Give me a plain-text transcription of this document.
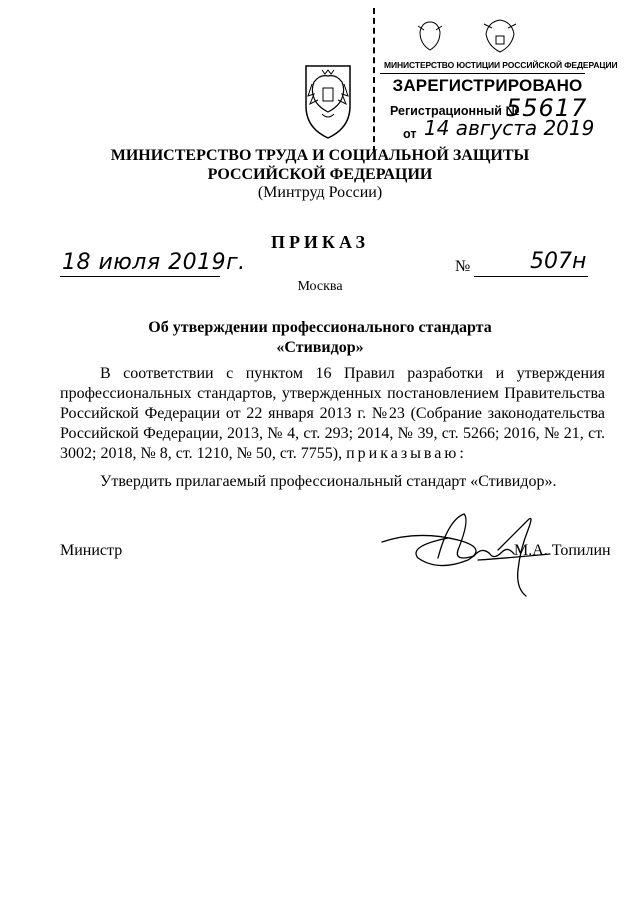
МИНИСТЕРСТВО ЮСТИЦИИ РОССИЙСКОЙ ФЕДЕРАЦИИ
ЗАРЕГИСТРИРОВАНО
Регистрационный №
55617
от 14 августа 2019
МИНИСТЕРСТВО ТРУДА И СОЦИАЛЬНОЙ ЗАЩИТЫ
РОССИЙСКОЙ ФЕДЕРАЦИИ
(Минтруд России)
ПРИКАЗ
18 июля 2019г.	№	507н
Москва
Об утверждении профессионального стандарта
«Стивидор»
В соответствии с пунктом 16 Правил разработки и утверждения профессиональных стандартов, утвержденных постановлением Правительства Российской Федерации от 22 января 2013 г. №23 (Собрание законодательства Российской Федерации, 2013, № 4, ст. 293; 2014, № 39, ст. 5266; 2016, № 21, ст. 3002; 2018, № 8, ст. 1210, № 50, ст. 7755), приказываю:
Утвердить прилагаемый профессиональный стандарт «Стивидор».
Министр	М.А. Топилин
